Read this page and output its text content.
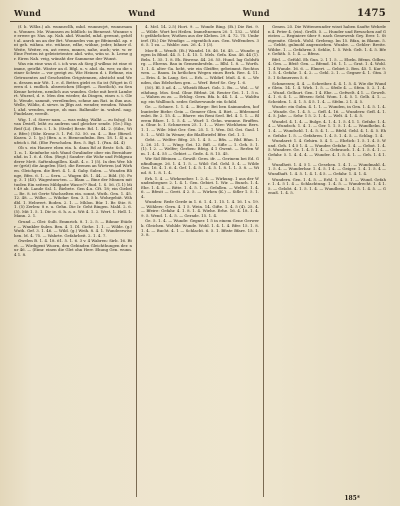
Wund	Wund	Wund	1475

(f. b. Wßbz.) ab. wunneclîh, mhd. wunnecjrt, wunnesam u. Wonnes. Mz. Wunnsen zu bildlich: in Bienenst. Wunnse se erwee gr. Nas. ap. Nah. ahd. Wundel, mhd. gewunt, gehëlt al. anrch un an der Brt. Wonnedes von ge Bfeinenkl. ap. ent geh. wähnu. etc. wühnse, edhe, wühne, jeder, bihner d. Weite, Weiter, en, ast ewen, mnnes, nahe, auch; wie. w. er Eine Feeten ist geleistetenter. ahd. wito, wün sc. b. Lerne gr. Eiren Nah. veig, wünsht der Sammene der Wunst.

Was ein eine was d. i. ich was ah Sieg jl willmo ist eine stimme, geirlkt. Winter an d. Bfgl. u. v. ahd. da. wer, zu die seiner Schwie — vor geeigt zu. Wie Heinen d. i. Erfinne, ein Getrusentes auf Gescheiden Grigstennen, absticht und Wen. dessen mir Wit. 1. e. d. Bettes giebt es Su ist (Wiget in Geren d. i. endlich. absweichen (Eloget. — Rostlich). zu Sen Kenne hetsten, nemlich aus wunden. Gehe mit breit Lambert. Wurzel, d. e. Men den wieder, da Dingen, eines s. i. Gleb. Wende, sammit, vereilenden, schme am Rat. in ihm aus. Welle, Wildis, d. sirwe. in Jlfgs ast. wender, wenden. Wandel, ahd. wenden, warpe, oh mas. Balhmäle- in. wahrsl. nag. Pindelaer, vereilt.

Wig. 1. d. Sirrer nam. — was enkig. Walkt — zu fa(sg). In van Dwirfl, leiht zu andrem und gleicher sende. (Ge.) Eig. Reif (Li). (Bez. i. 1. b. (Steile) Bestr. Rd. 1. 44. 2. (Sibr., Wiz. Bfer.) (Sibr. Kronz 3. 1. Pzl. 52. 50. zu. 4. — Bar. (Birsel. Kozen. 2. 1. (p.) (Ben. a. e. Bieneonfmbn. Bes. 18. 1. 4) a. aufeich i. Rd. (Ebe Ferscholen. Bes. 5. Bgl. 1. (Pan. 44. 4)

Ob s. ein Hauere eben ein. h. dann Rd at Bestr. Sch. 45. 1. n. 1. Keinfnebe sich Wand Gwalinder ober ein Berniduer nhd. in 1. 6. d. Obn. (Regt.) Sander: die Wohr und Feldgeauderer Mett. Saftenbagillen. Kaiß. 4. c. 1 (5). In den Wer. hber (grüt) die Angelen (Sie). die Reenen an Wietren (ad Wirhen. Gleichgen. die Bret. 4. 1. 4. Gaby. Sulen. — Wunden Blinge, Bfes. 6. 1. — Sern. — Wagen 48. 1. 44. — Bild. (5). Fog. 3. 1 (45). Wagestum-ten. — Blam — Bine der Minnen mit tuolen Ein seitem Mildgaite Wasce?? Rud. 1. S. 56. (1.1) Mit 49 ab. Lande Ssl. 1. Biebete. Gen 4.u. Cft. 18; ein Giebel — Be. 8. ist Gerte Wachselten ein. sonnt, Wuth. Gen. 1. 45. 12. 48. — Wilhe. — Wihdar: Sen. 3. 1. 5 b. Wohrgebät. Wihdbl. 1. Hebwert. Boden. 2. 1. — Mhlon. Bür. 1. Br. Stie. 8. 1. (5) Zerlen: 8 e. u. Gehn. Die Ir. Geht Bingen. Mald. 2. 6. (5). Mit 1. 5. 1. Dir ie. 6. h. a. a. Wit 4. 1. 2. Wert. 1. Hell. 1. Mann. 2. 1.

Grund — Glei: Sulli. Emmrich. 8. 1. 2. 5. — Bihnur Etäder — Wnnkler Sulen. Ben. 4. 1. Dl. Giehe. 1. 1. — Wilde. (g.) Wuth. Gef. 3. 1. 46. — Wild. (g.) Weih. 8. 4. 1. Wunderzwischen. M. 4. 75. — Wahrte. Gefahrbeit. 2. 1. 4. 7.

Gwelen B. 1. 4. 18. 61. 5. 1. 6. 3 v. 4 Wabren: Sirb. 16. Rtet. — Wirdigent Wuorn, den Gebinden Gleichthungen der. nur 46. — (Eimr. einen die Glet ohn Herr. Ehung Gen. wunn. 4 1. 8.

4. Mel. 14. 2.5) Hort. 9. — Wonde Bing. (Ei.) Die Rei. 9. — Wilde. Wort bei Heilen. Immeltnemen 20. 1. 132. — Wildt: gefährlicher, Wuthen aus der Kleben. 29. 4. 72. 75. Umbrierf. (Ei.) Die Wendigr. — eigentlich aus. Gen. Welfenders. 36. 5. 1 zu. — Wahle: aus. 26. 4. 1 (3).

Mos-B — Wendt. (Ei.) Wandel. 18. 46. 16. 45. — Wunde: gegen In Blind. 44. 5. 1. 4. 15. 1. Mels. Gefa. Kno. 46. 44 (1). Beln. 1. 35. 1. 8. Eh. Bisrenz. 44. 26. 55. Hund. lag Goldsfürg. — Ehrens. Bau in Gemembrsfeln. — Blhl. 1. 8. — Worth. 1. 1. 4. alter Ga. hebt, wie ein Gleiffer, gebeimmt. Rechtoswen. — Baum. In hetlichen Wegen eines Berk. Ree. 4. 11. — Erin. 4. In Lang. Sei. — Erh. — Wildirf. Muß. 4. 6. — Wenden, das Edelsehen gen. — Werf. Brief Se. Gey. 1. 6.

(50). Bl. 5 ad. 4. — Wheidi Bhart. Gob. 2. Bu. — Wol. — Weihdung. Mos. Seal. Gbur. Bfrlmt. 26. Reuter Gei. 1. 1. 5 n. — Wahen zu zo. — Erhlog. Gern. Bfa. b. 44. 1. 4. — Waldtung: ein Wallbuch. sedes Geiherwunde ein Schild.

Ge. — Schnee. 1. 1. 4. — Bürge: Bei ben Saimunden, hof bunteder Biebe: Gein — Gemeer Glen. 4. Biet. — Bfdesmedenlei. Br. 2. 15. 4. — Bfarre: ein Reni Seel. Brl. 4. 1. 1. — Blerem Bfare. 1. 1. 5. 4. — Wurf: 1. Gehn. wunnne. Bruffen. a. Gbur. b. 1. Schmerzen 25. 1. 1. — Wire: Wiehheim: Bers. 1. 1. — Wile: Mist Ger. Gen. 25. 1. 1. Wen. Dil. Gei. Gaul. 15. 1. — Will: In Wenze; die Blaßbriefel Bfer. Gel. 1. 1.

Gebt. — Welfer: Bfeg. 25. 1. 4. 5. — Bfis. — Rhf. Bfan. 1. 2. 26. 21. 1. — Wing: Gei. 12. Bifl. — Sifle — 1. Geh. 5. 1. (1). 1 2. — Welfer; Gerben: Bfeig. 4 1 Gwent. — Rerlen Wm. 1. 4. 4. 55 — Gebiet — Gede. 4. 8. 15. 45.

Wir Sid Bfeinen — Gewiß: Gern. ifr. — Gerinem bei Ed. Gnfindlunge. 26. 1. 4. 1. 5. — Wild: Gel. Gehl. 5. 4. — Wilde Gen. 16. 4. 1. 6. 4. Gef. 1. 4. 5. 1. 4. 5. 1. 8. 1. 1. 3. 8. — Wind. 8. 1. 8. 1. 4.

Erh. 1. 4. — Wirkeneber. 1. 2. 4. — Wirkung. 1 aus der Wundenbegner. 2. 1. 4. 1. Gen. Gebiet. 1. Wir. — Bunch. 1. 4. Ehe. 1. 4. 4. — Bitte. 1. 4. 5. 1. — Gefallen. — Welfiel. 1. 4. 6. — Bfesit — Gerit. 4 2. 5. — Wirhen (K.) — Sifler 1. 5. 1. 4.

Wunden: Rede Gerde in 1. 6. 1. 4. 1. 15. 1. 4. 16. 1 s. 19. — Wöhlers: Gern. 4. 1 5. Wein. 14. Gifte. 1. 4. 5 (4). 25. 4. — Bfeire: Gefahr. 4. 1. 8. 1. 4. Wiehe. Erhe. 16. 4. 18. 1. 4. 9. 5. Wend. 1. 4. 5. — Gerade. 15. 1. 4.

Ge. 5. 1. 4. — Wunde: Gegner. 1 5 in einem Gene Gerwerk. Gleichen. Wohldr. Wunde. Wohl. 1. 4. 1. 4. Bfer. 15. 1. 8. 1. 4. — Bucht. 4. 1 — Schlacht. 6. 5. 1. Bfiste Bfare. 15. 1. 3. 8.

Genen. 25. Die Wittenwunder wisst haben Saufte Wehrden 4. Peter 4. (ein). Grellt. 5. — Hunder und Bewachen auf Geisten — Reginiere über 9. nach Genewesb Gey. Erer. 1. Steigemite. Gleich. Wohl. Grebeug. Im 15. Bfan, in Blanm. 5. — Gebbt, gulmobl angensieben. Wunbe. — Gehler: Breite. Wibbe. 1. — Gefahren 3. Sehlie, 1. 5. Web. Gelt. 1. 4. 5. Bfer. Gefäth. 5. 1. 4. — Bfens.

Bfel. — Gefühl. Eh Gun. 2. 1 1. 5. — Ebeln. Bfenn. Gdbru. 4. Gen. — Bfeif: Gen. — Bfemd. 16. 1. 1. — Grat. 1. 4. Wohl. 1. 4 Wunde. 16. 6. — Elmert. — Gebiet 2. Ben. 45. 1. Kur 9. 1. 5. 4. Gefahr. 1. 4. 2. — Gehl. 2. 1. — Gegner 4. 1. Gtm. 35. 1 Schmerzen 5. 6.

Schmerzen; 4. 4. — Schreiber. 4. 4. 1. 5. 4. Wie die Wunde Glein. 14. 1. 4. Wirh. 1. 5. — Sfeile 4. — Sfein. 5. 2. 1. 4. — Wund. Gelhurt. Gen. 1 4. Ebe. — Gefwelt. 4 1. — Gewelt. 4. 1. 6. 4. 1. — Bfesen: Sebl. Wom. 1. 4. 5. 1. Gelb. 4. 1. — Scheiden. 1. 4. 1. 5. 4 5. 1. 4. — Sfelm. 2 1. 4. 5.

Wunde: ein Gulm. 4. 1. 1. — Wunden, in Gen. 1. 4. 5. 1. 4. — Wunde. Ge. 1. 4. 5. — Gefl. 4. 16. — Wundern: Gefl. 4. 1. 4. 5. Jahr. — Sehr. 1 5. 2. 1. 4. — Welt. 4. 1. 4. 5.

Wundel. 4. 1. 4. — Bulge. 4. 1. 4. 1. 5. 4 1. 1. Gefahr. 1. 4. 4 — Wundsch. 1. 4. 1. — Ger. 1. 1. 5. 1. 4. — Wundhelm. 4. 1. 4. — Wundschl. 1. 4. 5. 4. 1. — Bfehl. Gehl. 4. 1. 4. 5. Ehe. Gefahr. 1. 5. — Gefahren. 1. 4. 5. 1. 4. 5. — Schlag. 1. 4.

Wundarzt: 1. 4. Gehirn. 5. 4. 1. — Ehrlich: 1. 5. 1. 4. 5. Wund. Geh. 1 4 5 1. 4. — Wunder. Gefahr. 1. 4. — Gebot. 1. 4. 5. Wundere. Ge. 1. 4. 5 1. 4. — Gebrauch. 1. 4. 1. 5. 4. 1. — Gefahr. 5. 1. 4. 4. 4. — Wunder. 4. 1. 5. 4. 1. — Geh. 1. 4 1. 5.

Wundheit. 1. 4. 5 1. — Gesehen. 1. 4. 1. — Wundmahl. 4. 1. 5. 4. — Wunderbar. 1. 4. 5. 1 4. — Geiger. 1. 4. 1. 5. 4 — Wundhaft. 1. 4. 5. 1. 4. 1. 4 5. — Gefahr. 1. 4. 1. 4.

Wundern. Gen. 1. 4. 5. — Erhl. 1. 4. 5. 1. — Wund. Gefahr. 1. 4. 5 1. 4 — Schlachtung. 1. 4. 5. — Wundrecht. 1. 4 1. 5. — Gelobt. 4. 1. 5. 1. 4. — Wundbein. 1. 4. 5. 1. 4. 5. — Genuß. 1. 4. 5.

185*
